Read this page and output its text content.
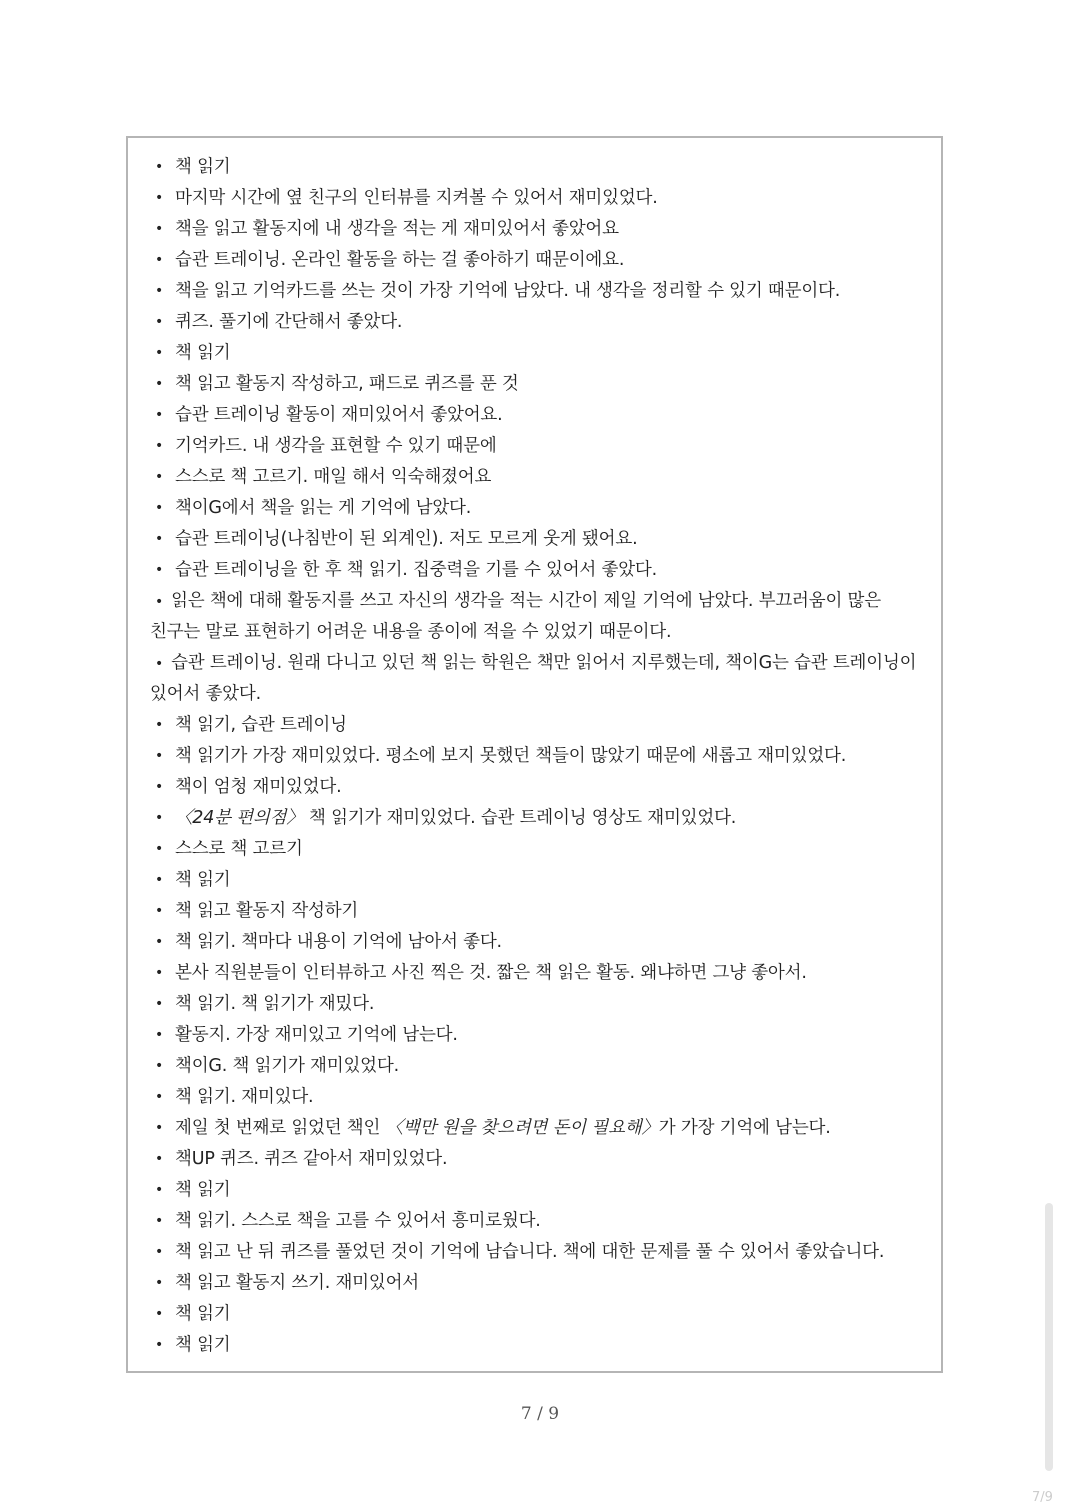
• 책 읽기
• 마지막 시간에 옆 친구의 인터뷰를 지켜볼 수 있어서 재미있었다.
• 책을 읽고 활동지에 내 생각을 적는 게 재미있어서 좋았어요
• 습관 트레이닝. 온라인 활동을 하는 걸 좋아하기 때문이에요.
• 책을 읽고 기억카드를 쓰는 것이 가장 기억에 남았다. 내 생각을 정리할 수 있기 때문이다.
• 퀴즈. 풀기에 간단해서 좋았다.
• 책 읽기
• 책 읽고 활동지 작성하고, 패드로 퀴즈를 푼 것
• 습관 트레이닝 활동이 재미있어서 좋았어요.
• 기억카드. 내 생각을 표현할 수 있기 때문에
• 스스로 책 고르기. 매일 해서 익숙해졌어요
• 책이G에서 책을 읽는 게 기억에 남았다.
• 습관 트레이닝(나침반이 된 외계인). 저도 모르게 웃게 됐어요.
• 습관 트레이닝을 한 후 책 읽기. 집중력을 기를 수 있어서 좋았다.
• 읽은 책에 대해 활동지를 쓰고 자신의 생각을 적는 시간이 제일 기억에 남았다. 부끄러움이 많은
친구는 말로 표현하기 어려운 내용을 종이에 적을 수 있었기 때문이다.
• 습관 트레이닝. 원래 다니고 있던 책 읽는 학원은 책만 읽어서 지루했는데, 책이G는 습관 트레이닝이
있어서 좋았다.
• 책 읽기, 습관 트레이닝
• 책 읽기가 가장 재미있었다. 평소에 보지 못했던 책들이 많았기 때문에 새롭고 재미있었다.
• 책이 엄청 재미있었다.
• 〈24분 편의점〉 책 읽기가 재미있었다. 습관 트레이닝 영상도 재미있었다.
• 스스로 책 고르기
• 책 읽기
• 책 읽고 활동지 작성하기
• 책 읽기. 책마다 내용이 기억에 남아서 좋다.
• 본사 직원분들이 인터뷰하고 사진 찍은 것. 짧은 책 읽은 활동. 왜냐하면 그냥 좋아서.
• 책 읽기. 책 읽기가 재밌다.
• 활동지. 가장 재미있고 기억에 남는다.
• 책이G. 책 읽기가 재미있었다.
• 책 읽기. 재미있다.
• 제일 첫 번째로 읽었던 책인 〈백만 원을 찾으려면 돈이 필요해〉가 가장 기억에 남는다.
• 책UP 퀴즈. 퀴즈 같아서 재미있었다.
• 책 읽기
• 책 읽기. 스스로 책을 고를 수 있어서 흥미로웠다.
• 책 읽고 난 뒤 퀴즈를 풀었던 것이 기억에 남습니다. 책에 대한 문제를 풀 수 있어서 좋았습니다.
• 책 읽고 활동지 쓰기. 재미있어서
• 책 읽기
• 책 읽기
7 / 9
7/9
